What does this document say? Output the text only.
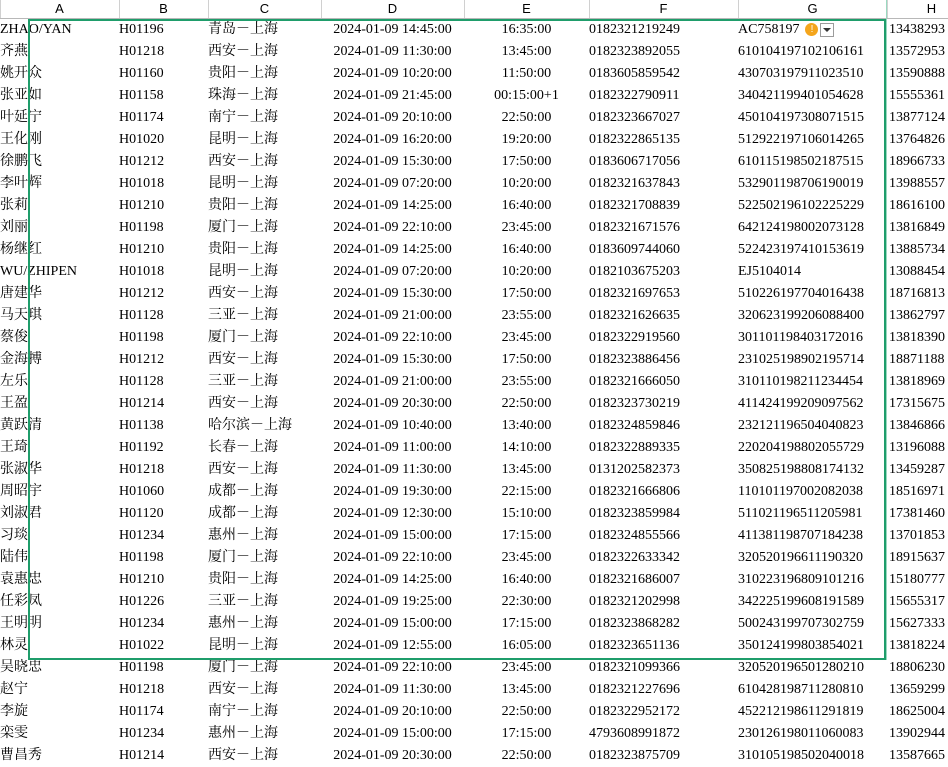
	A	B	C	D	E	F	G	H

	ZHAO/YAN	H01196	青岛－上海	2024-01-09 14:45:00	16:35:00	0182321219249	AC758197 !	13438293

	齐燕	H01218	西安－上海	2024-01-09 11:30:00	13:45:00	0182323892055	610104197102106161	13572953

	姚开众	H01160	贵阳－上海	2024-01-09 10:20:00	11:50:00	0183605859542	430703197911023510	13590888

	张亚如	H01158	珠海－上海	2024-01-09 21:45:00	00:15:00+1	0182322790911	340421199401054628	15555361

	叶延宁	H01174	南宁－上海	2024-01-09 20:10:00	22:50:00	0182323667027	450104197308071515	13877124

	王化刚	H01020	昆明－上海	2024-01-09 16:20:00	19:20:00	0182322865135	512922197106014265	13764826

	徐鹏飞	H01212	西安－上海	2024-01-09 15:30:00	17:50:00	0183606717056	610115198502187515	18966733

	李叶辉	H01018	昆明－上海	2024-01-09 07:20:00	10:20:00	0182321637843	532901198706190019	13988557

	张莉	H01210	贵阳－上海	2024-01-09 14:25:00	16:40:00	0182321708839	522502196102225229	18616100

	刘丽	H01198	厦门－上海	2024-01-09 22:10:00	23:45:00	0182321671576	642124198002073128	13816849

	杨继红	H01210	贵阳－上海	2024-01-09 14:25:00	16:40:00	0183609744060	522423197410153619	13885734

	WU/ZHIPEN	H01018	昆明－上海	2024-01-09 07:20:00	10:20:00	0182103675203	EJ5104014	13088454

	唐建华	H01212	西安－上海	2024-01-09 15:30:00	17:50:00	0182321697653	510226197704016438	18716813

	马天琪	H01128	三亚－上海	2024-01-09 21:00:00	23:55:00	0182321626635	320623199206088400	13862797

	蔡俊	H01198	厦门－上海	2024-01-09 22:10:00	23:45:00	0182322919560	301101198403172016	13818390

	金海搏	H01212	西安－上海	2024-01-09 15:30:00	17:50:00	0182323886456	231025198902195714	18871188

	左乐	H01128	三亚－上海	2024-01-09 21:00:00	23:55:00	0182321666050	310110198211234454	13818969

	王盈	H01214	西安－上海	2024-01-09 20:30:00	22:50:00	0182323730219	411424199209097562	17315675

	黄跃清	H01138	哈尔滨－上海	2024-01-09 10:40:00	13:40:00	0182324859846	232121196504040823	13846866

	王琦	H01192	长春－上海	2024-01-09 11:00:00	14:10:00	0182322889335	220204198802055729	13196088

	张淑华	H01218	西安－上海	2024-01-09 11:30:00	13:45:00	0131202582373	350825198808174132	13459287

	周昭宇	H01060	成都－上海	2024-01-09 19:30:00	22:15:00	0182321666806	110101197002082038	18516971

	刘淑君	H01120	成都－上海	2024-01-09 12:30:00	15:10:00	0182323859984	511021196511205981	17381460

	习琰	H01234	惠州－上海	2024-01-09 15:00:00	17:15:00	0182324855566	411381198707184238	13701853

	陆伟	H01198	厦门－上海	2024-01-09 22:10:00	23:45:00	0182322633342	320520196611190320	18915637

	袁惠忠	H01210	贵阳－上海	2024-01-09 14:25:00	16:40:00	0182321686007	310223196809101216	15180777

	任彩凤	H01226	三亚－上海	2024-01-09 19:25:00	22:30:00	0182321202998	342225199608191589	15655317

	王明明	H01234	惠州－上海	2024-01-09 15:00:00	17:15:00	0182323868282	500243199707302759	15627333

	林灵	H01022	昆明－上海	2024-01-09 12:55:00	16:05:00	0182323651136	350124199803854021	13818224

	吴晓忠	H01198	厦门－上海	2024-01-09 22:10:00	23:45:00	0182321099366	320520196501280210	18806230

	赵宁	H01218	西安－上海	2024-01-09 11:30:00	13:45:00	0182321227696	610428198711280810	13659299

	李旋	H01174	南宁－上海	2024-01-09 20:10:00	22:50:00	0182322952172	452212198611291819	18625004

	栾雯	H01234	惠州－上海	2024-01-09 15:00:00	17:15:00	4793608991872	230126198011060083	13902944

	曹昌秀	H01214	西安－上海	2024-01-09 20:30:00	22:50:00	0182323875709	310105198502040018	13587665
